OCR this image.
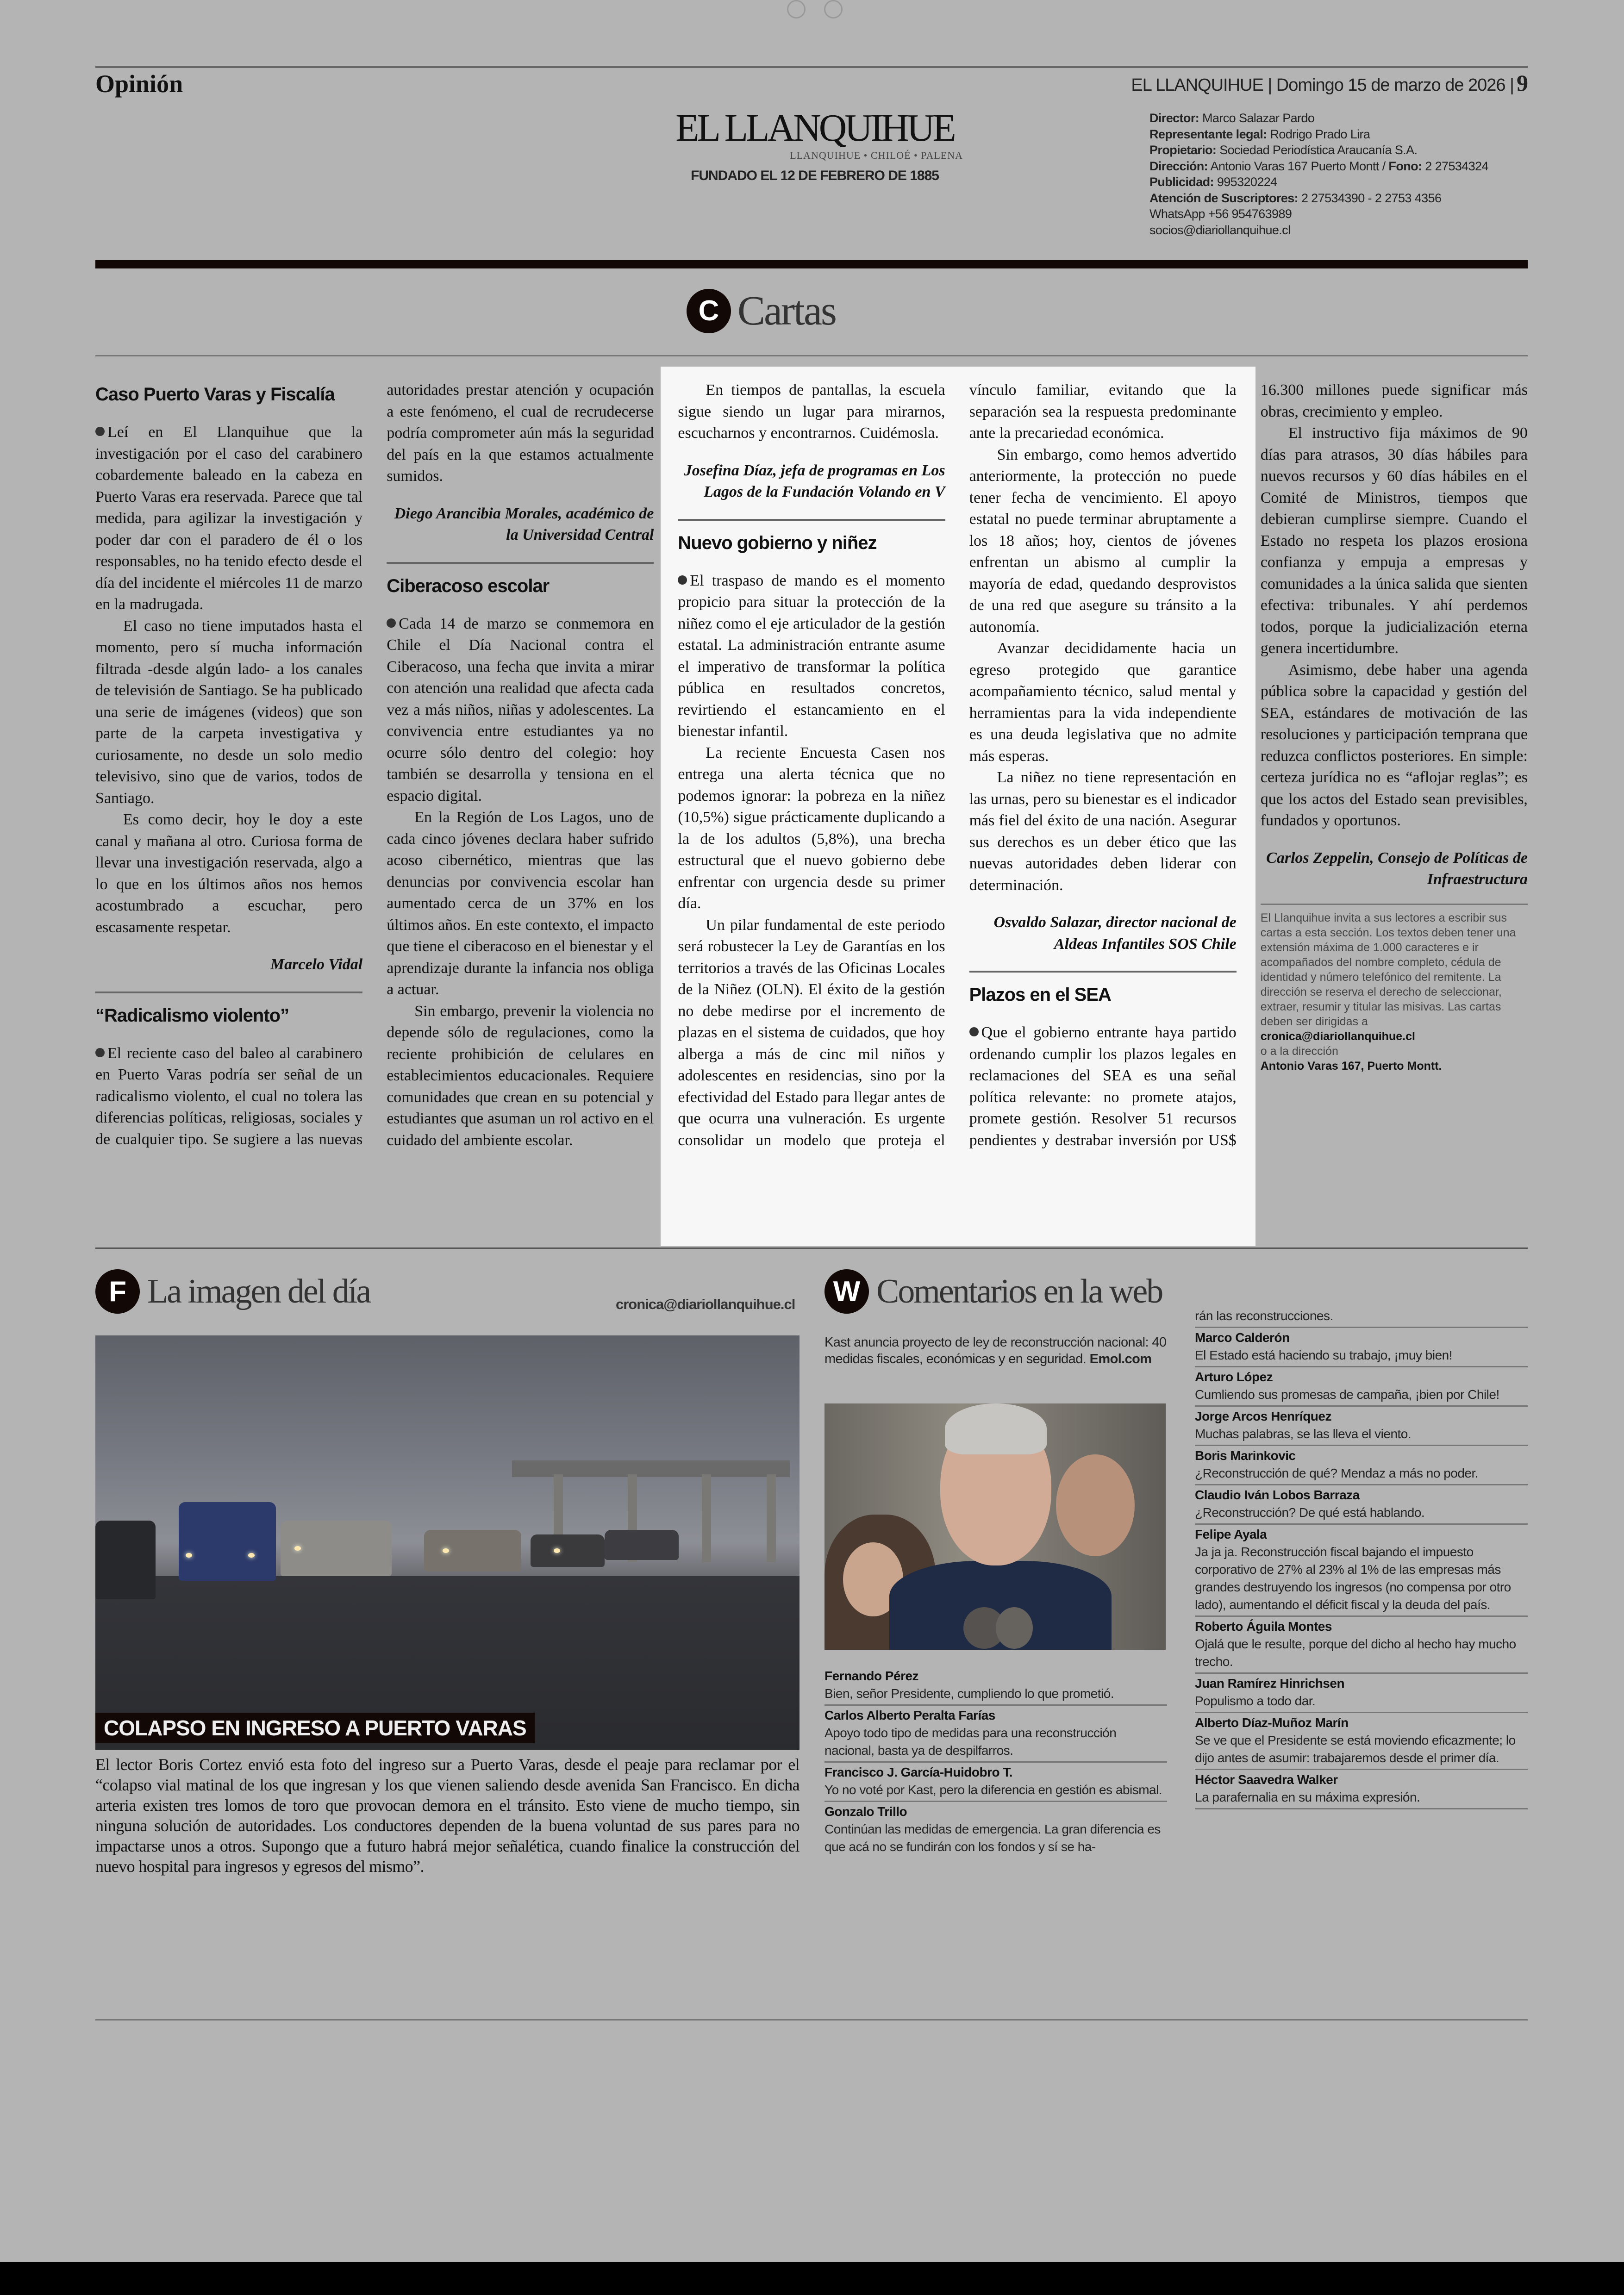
Opinión	EL LLANQUIHUE | Domingo 15 de marzo de 2026 | 9
EL LLANQUIHUE
LLANQUIHUE • CHILOÉ • PALENA
FUNDADO EL 12 DE FEBRERO DE 1885
Director: Marco Salazar Pardo
Representante legal: Rodrigo Prado Lira
Propietario: Sociedad Periodística Araucanía S.A.
Dirección: Antonio Varas 167 Puerto Montt / Fono: 2 27534324
Publicidad: 995320224
Atención de Suscriptores: 2 27534390 - 2 2753 4356
WhatsApp +56 954763989
socios@diariollanquihue.cl
C Cartas
Caso Puerto Varas y Fiscalía

Leí en El Llanquihue que la investigación por el caso del carabinero cobardemente baleado en la cabeza en Puerto Varas era reservada. Parece que tal medida, para agilizar la investigación y poder dar con el paradero de él o los responsables, no ha tenido efecto desde el día del incidente el miércoles 11 de marzo en la madrugada.

El caso no tiene imputados hasta el momento, pero sí mucha información filtrada -desde algún lado- a los canales de televisión de Santiago. Se ha publicado una serie de imágenes (videos) que son parte de la carpeta investigativa y curiosamente, no desde un solo medio televisivo, sino que de varios, todos de Santiago.

Es como decir, hoy le doy a este canal y mañana al otro. Curiosa forma de llevar una investigación reservada, algo a lo que en los últimos años nos hemos acostumbrado a escuchar, pero escasamente respetar.

Marcelo Vidal

“Radicalismo violento”

El reciente caso del baleo al carabinero en Puerto Varas podría ser señal de un radicalismo violento, el cual no tolera las diferencias políticas, religiosas, sociales y de cualquier tipo. Se sugiere a las nuevas autoridades prestar atención y ocupación a este fenómeno, el cual de recrudecerse podría comprometer aún más la seguridad del país en la que estamos actualmente sumidos.

Diego Arancibia Morales, académico de la Universidad Central

Ciberacoso escolar

Cada 14 de marzo se conmemora en Chile el Día Nacional contra el Ciberacoso, una fecha que invita a mirar con atención una realidad que afecta cada vez a más niños, niñas y adolescentes. La convivencia entre estudiantes ya no ocurre sólo dentro del colegio: hoy también se desarrolla y tensiona en el espacio digital.

En la Región de Los Lagos, uno de cada cinco jóvenes declara haber sufrido acoso cibernético, mientras que las denuncias por convivencia escolar han aumentado cerca de un 37% en los últimos años. En este contexto, el impacto que tiene el ciberacoso en el bienestar y el aprendizaje durante la infancia nos obliga a actuar.

Sin embargo, prevenir la violencia no depende sólo de regulaciones, como la reciente prohibición de celulares en establecimientos educacionales. Requiere comunidades que crean en su potencial y estudiantes que asuman un rol activo en el cuidado del ambiente escolar.

En tiempos de pantallas, la escuela sigue siendo un lugar para mirarnos, escucharnos y encontrarnos. Cuidémosla.

Josefina Díaz, jefa de programas en Los Lagos de la Fundación Volando en V

Nuevo gobierno y niñez

El traspaso de mando es el momento propicio para situar la protección de la niñez como el eje articulador de la gestión estatal. La administración entrante asume el imperativo de transformar la política pública en resultados concretos, revirtiendo el estancamiento en el bienestar infantil.

La reciente Encuesta Casen nos entrega una alerta técnica que no podemos ignorar: la pobreza en la niñez (10,5%) sigue prácticamente duplicando a la de los adultos (5,8%), una brecha estructural que el nuevo gobierno debe enfrentar con urgencia desde su primer día.

Un pilar fundamental de este periodo será robustecer la Ley de Garantías en los territorios a través de las Oficinas Locales de la Niñez (OLN). El éxito de la gestión no debe medirse por el incremento de plazas en el sistema de cuidados, que hoy alberga a más de cinc mil niños y adolescentes en residencias, sino por la efectividad del Estado para llegar antes de que ocurra una vulneración. Es urgente consolidar un modelo que proteja el vínculo familiar, evitando que la separación sea la respuesta predominante ante la precariedad económica.

Sin embargo, como hemos advertido anteriormente, la protección no puede tener fecha de vencimiento. El apoyo estatal no puede terminar abruptamente a los 18 años; hoy, cientos de jóvenes enfrentan un abismo al cumplir la mayoría de edad, quedando desprovistos de una red que asegure su tránsito a la autonomía.

Avanzar decididamente hacia un egreso protegido que garantice acompañamiento técnico, salud mental y herramientas para la vida independiente es una deuda legislativa que no admite más esperas.

La niñez no tiene representación en las urnas, pero su bienestar es el indicador más fiel del éxito de una nación. Asegurar sus derechos es un deber ético que las nuevas autoridades deben liderar con determinación.

Osvaldo Salazar, director nacional de Aldeas Infantiles SOS Chile

Plazos en el SEA

Que el gobierno entrante haya partido ordenando cumplir los plazos legales en reclamaciones del SEA es una señal política relevante: no promete atajos, promete gestión. Resolver 51 recursos pendientes y destrabar inversión por US$ 16.300 millones puede significar más obras, crecimiento y empleo.

El instructivo fija máximos de 90 días para atrasos, 30 días hábiles para nuevos recursos y 60 días hábiles en el Comité de Ministros, tiempos que debieran cumplirse siempre. Cuando el Estado no respeta los plazos erosiona confianza y empuja a empresas y comunidades a la única salida que sienten efectiva: tribunales. Y ahí perdemos todos, porque la judicialización eterna genera incertidumbre.

Asimismo, debe haber una agenda pública sobre la capacidad y gestión del SEA, estándares de motivación de las resoluciones y participación temprana que reduzca conflictos posteriores. En simple: certeza jurídica no es “aflojar reglas”; es que los actos del Estado sean previsibles, fundados y oportunos.

Carlos Zeppelin, Consejo de Políticas de Infraestructura

El Llanquihue invita a sus lectores a escribir sus cartas a esta sección. Los textos deben tener una extensión máxima de 1.000 caracteres e ir acompañados del nombre completo, cédula de identidad y número telefónico del remitente. La dirección se reserva el derecho de seleccionar, extraer, resumir y titular las misivas. Las cartas deben ser dirigidas a
cronica@diariollanquihue.cl
o a la dirección
Antonio Varas 167, Puerto Montt.
F La imagen del día	cronica@diariollanquihue.cl
COLAPSO EN INGRESO A PUERTO VARAS
El lector Boris Cortez envió esta foto del ingreso sur a Puerto Varas, desde el peaje para reclamar por el “colapso vial matinal de los que ingresan y los que vienen saliendo desde avenida San Francisco. En dicha arteria existen tres lomos de toro que provocan demora en el tránsito. Esto viene de mucho tiempo, sin ninguna solución de autoridades. Los conductores dependen de la buena voluntad de sus pares para no impactarse unos a otros. Supongo que a futuro habrá mejor señalética, cuando finalice la construcción del nuevo hospital para ingresos y egresos del mismo”.
W Comentarios en la web
Kast anuncia proyecto de ley de reconstrucción nacional: 40 medidas fiscales, económicas y en seguridad. Emol.com
Fernando Pérez
Bien, señor Presidente, cumpliendo lo que prometió.
Carlos Alberto Peralta Farías
Apoyo todo tipo de medidas para una reconstrucción nacional, basta ya de despilfarros.
Francisco J. García-Huidobro T.
Yo no voté por Kast, pero la diferencia en gestión es abismal.
Gonzalo Trillo
Continúan las medidas de emergencia. La gran diferencia es que acá no se fundirán con los fondos y sí se ha-
rán las reconstrucciones.
Marco Calderón
El Estado está haciendo su trabajo, ¡muy bien!
Arturo López
Cumliendo sus promesas de campaña, ¡bien por Chile!
Jorge Arcos Henríquez
Muchas palabras, se las lleva el viento.
Boris Marinkovic
¿Reconstrucción de qué? Mendaz a más no poder.
Claudio Iván Lobos Barraza
¿Reconstrucción? De qué está hablando.
Felipe Ayala
Ja ja ja. Reconstrucción fiscal bajando el impuesto corporativo de 27% al 23% al 1% de las empresas más grandes destruyendo los ingresos (no compensa por otro lado), aumentando el déficit fiscal y la deuda del país.
Roberto Águila Montes
Ojalá que le resulte, porque del dicho al hecho hay mucho trecho.
Juan Ramírez Hinrichsen
Populismo a todo dar.
Alberto Díaz-Muñoz Marín
Se ve que el Presidente se está moviendo eficazmente; lo dijo antes de asumir: trabajaremos desde el primer día.
Héctor Saavedra Walker
La parafernalia en su máxima expresión.
